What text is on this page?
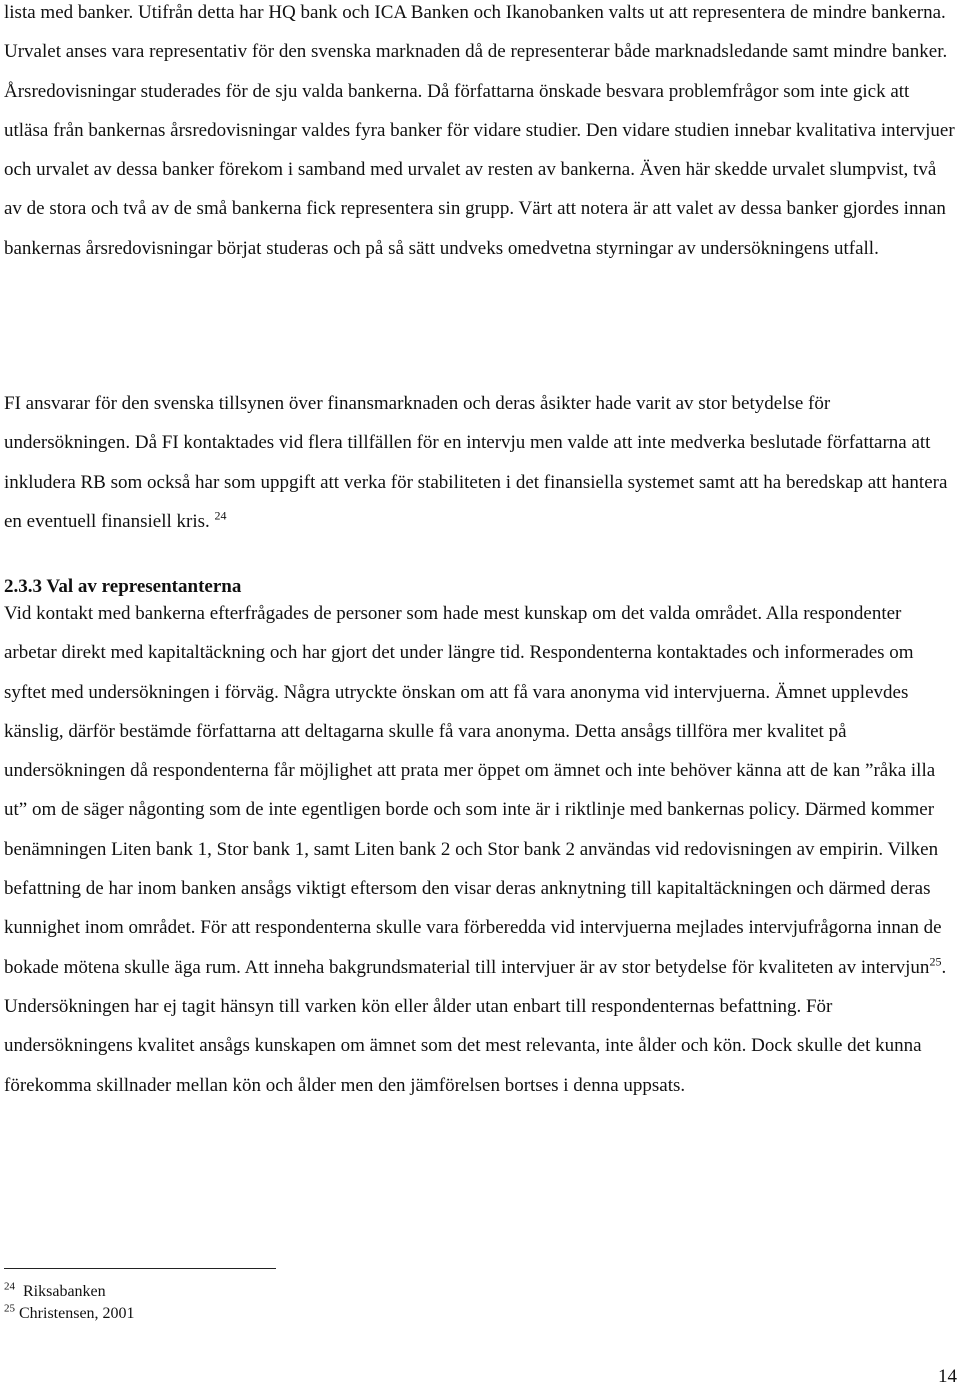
lista med banker. Utifrån detta har HQ bank och ICA Banken och Ikanobanken valts ut att representera de mindre bankerna. Urvalet anses vara representativ för den svenska marknaden då de representerar både marknadsledande samt mindre banker. Årsredovisningar studerades för de sju valda bankerna. Då författarna önskade besvara problemfrågor som inte gick att utläsa från bankernas årsredovisningar valdes fyra banker för vidare studier. Den vidare studien innebar kvalitativa intervjuer och urvalet av dessa banker förekom i samband med urvalet av resten av bankerna. Även här skedde urvalet slumpvist, två av de stora och två av de små bankerna fick representera sin grupp. Värt att notera är att valet av dessa banker gjordes innan bankernas årsredovisningar börjat studeras och på så sätt undveks omedvetna styrningar av undersökningens utfall.

FI ansvarar för den svenska tillsynen över finansmarknaden och deras åsikter hade varit av stor betydelse för undersökningen. Då FI kontaktades vid flera tillfällen för en intervju men valde att inte medverka beslutade författarna att inkludera RB som också har som uppgift att verka för stabiliteten i det finansiella systemet samt att ha beredskap att hantera en eventuell finansiell kris. $^{24}$

2.3.3 Val av representanterna

Vid kontakt med bankerna efterfrågades de personer som hade mest kunskap om det valda området. Alla respondenter arbetar direkt med kapitaltäckning och har gjort det under längre tid. Respondenterna kontaktades och informerades om syftet med undersökningen i förväg. Några utryckte önskan om att få vara anonyma vid intervjuerna. Ämnet upplevdes känslig, därför bestämde författarna att deltagarna skulle få vara anonyma. Detta ansågs tillföra mer kvalitet på undersökningen då respondenterna får möjlighet att prata mer öppet om ämnet och inte behöver känna att de kan ”råka illa ut” om de säger någonting som de inte egentligen borde och som inte är i riktlinje med bankernas policy. Därmed kommer benämningen Liten bank 1, Stor bank 1, samt Liten bank 2 och Stor bank 2 användas vid redovisningen av empirin. Vilken befattning de har inom banken ansågs viktigt eftersom den visar deras anknytning till kapitaltäckningen och därmed deras kunnighet inom området. För att respondenterna skulle vara förberedda vid intervjuerna mejlades intervjufrågorna innan de bokade mötena skulle äga rum. Att inneha bakgrundsmaterial till intervjuer är av stor betydelse för kvaliteten av intervjun$^{25}$. Undersökningen har ej tagit hänsyn till varken kön eller ålder utan enbart till respondenternas befattning. För undersökningens kvalitet ansågs kunskapen om ämnet som det mest relevanta, inte ålder och kön. Dock skulle det kunna förekomma skillnader mellan kön och ålder men den jämförelsen bortses i denna uppsats.

$^{24}$ Riksabanken

$^{25}$ Christensen, 2001

14
